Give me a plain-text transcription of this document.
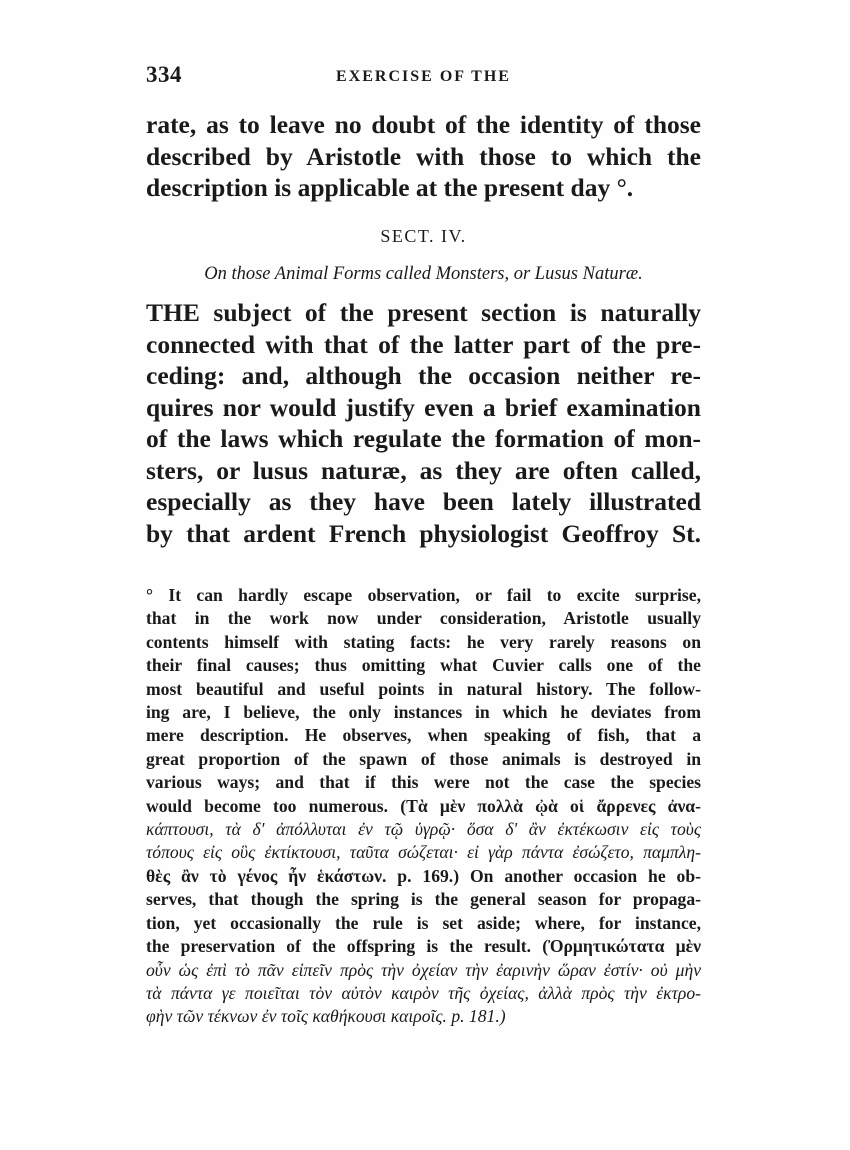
334	EXERCISE OF THE
rate, as to leave no doubt of the identity of those
described by Aristotle with those to which the
description is applicable at the present day °.
SECT. IV.
On those Animal Forms called Monsters, or Lusus Naturæ.
THE subject of the present section is naturally
connected with that of the latter part of the pre-
ceding: and, although the occasion neither re-
quires nor would justify even a brief examination
of the laws which regulate the formation of mon-
sters, or lusus naturæ, as they are often called,
especially as they have been lately illustrated
by that ardent French physiologist Geoffroy St.
° It can hardly escape observation, or fail to excite surprise,
that in the work now under consideration, Aristotle usually
contents himself with stating facts: he very rarely reasons on
their final causes; thus omitting what Cuvier calls one of the
most beautiful and useful points in natural history. The follow-
ing are, I believe, the only instances in which he deviates from
mere description. He observes, when speaking of fish, that a
great proportion of the spawn of those animals is destroyed in
various ways; and that if this were not the case the species
would become too numerous. (Τὰ μὲν πολλὰ ᾠὰ οἱ ἄρρενες ἀνα-
κάπτουσι, τὰ δ' ἀπόλλυται ἐν τῷ ὑγρῷ· ὅσα δ' ἂν ἐκτέκωσιν εἰς τοὺς
τόπους εἰς οὓς ἐκτίκτουσι, ταῦτα σώζεται· εἰ γὰρ πάντα ἐσώζετο, παμπλη-
θὲς ἂν τὸ γένος ἦν ἑκάστων. p. 169.) On another occasion he ob-
serves, that though the spring is the general season for propaga-
tion, yet occasionally the rule is set aside; where, for instance,
the preservation of the offspring is the result. (Ὀρμητικώτατα μὲν
οὖν ὡς ἐπὶ τὸ πᾶν εἰπεῖν πρὸς τὴν ὀχείαν τὴν ἐαρινὴν ὥραν ἐστίν· οὐ μὴν
τὰ πάντα γε ποιεῖται τὸν αὐτὸν καιρὸν τῆς ὀχείας, ἀλλὰ πρὸς τὴν ἐκτρο-
φὴν τῶν τέκνων ἐν τοῖς καθήκουσι καιροῖς. p. 181.)
